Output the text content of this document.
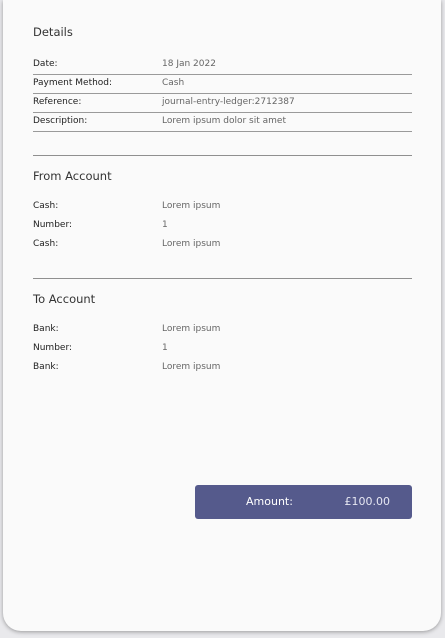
Details
Date:	18 Jan 2022
Payment Method:	Cash
Reference:	journal-entry-ledger:2712387
Description:	Lorem ipsum dolor sit amet
From Account
Cash:	Lorem ipsum
Number:	1
Cash:	Lorem ipsum
To Account
Bank:	Lorem ipsum
Number:	1
Bank:	Lorem ipsum
Amount:	£100.00
